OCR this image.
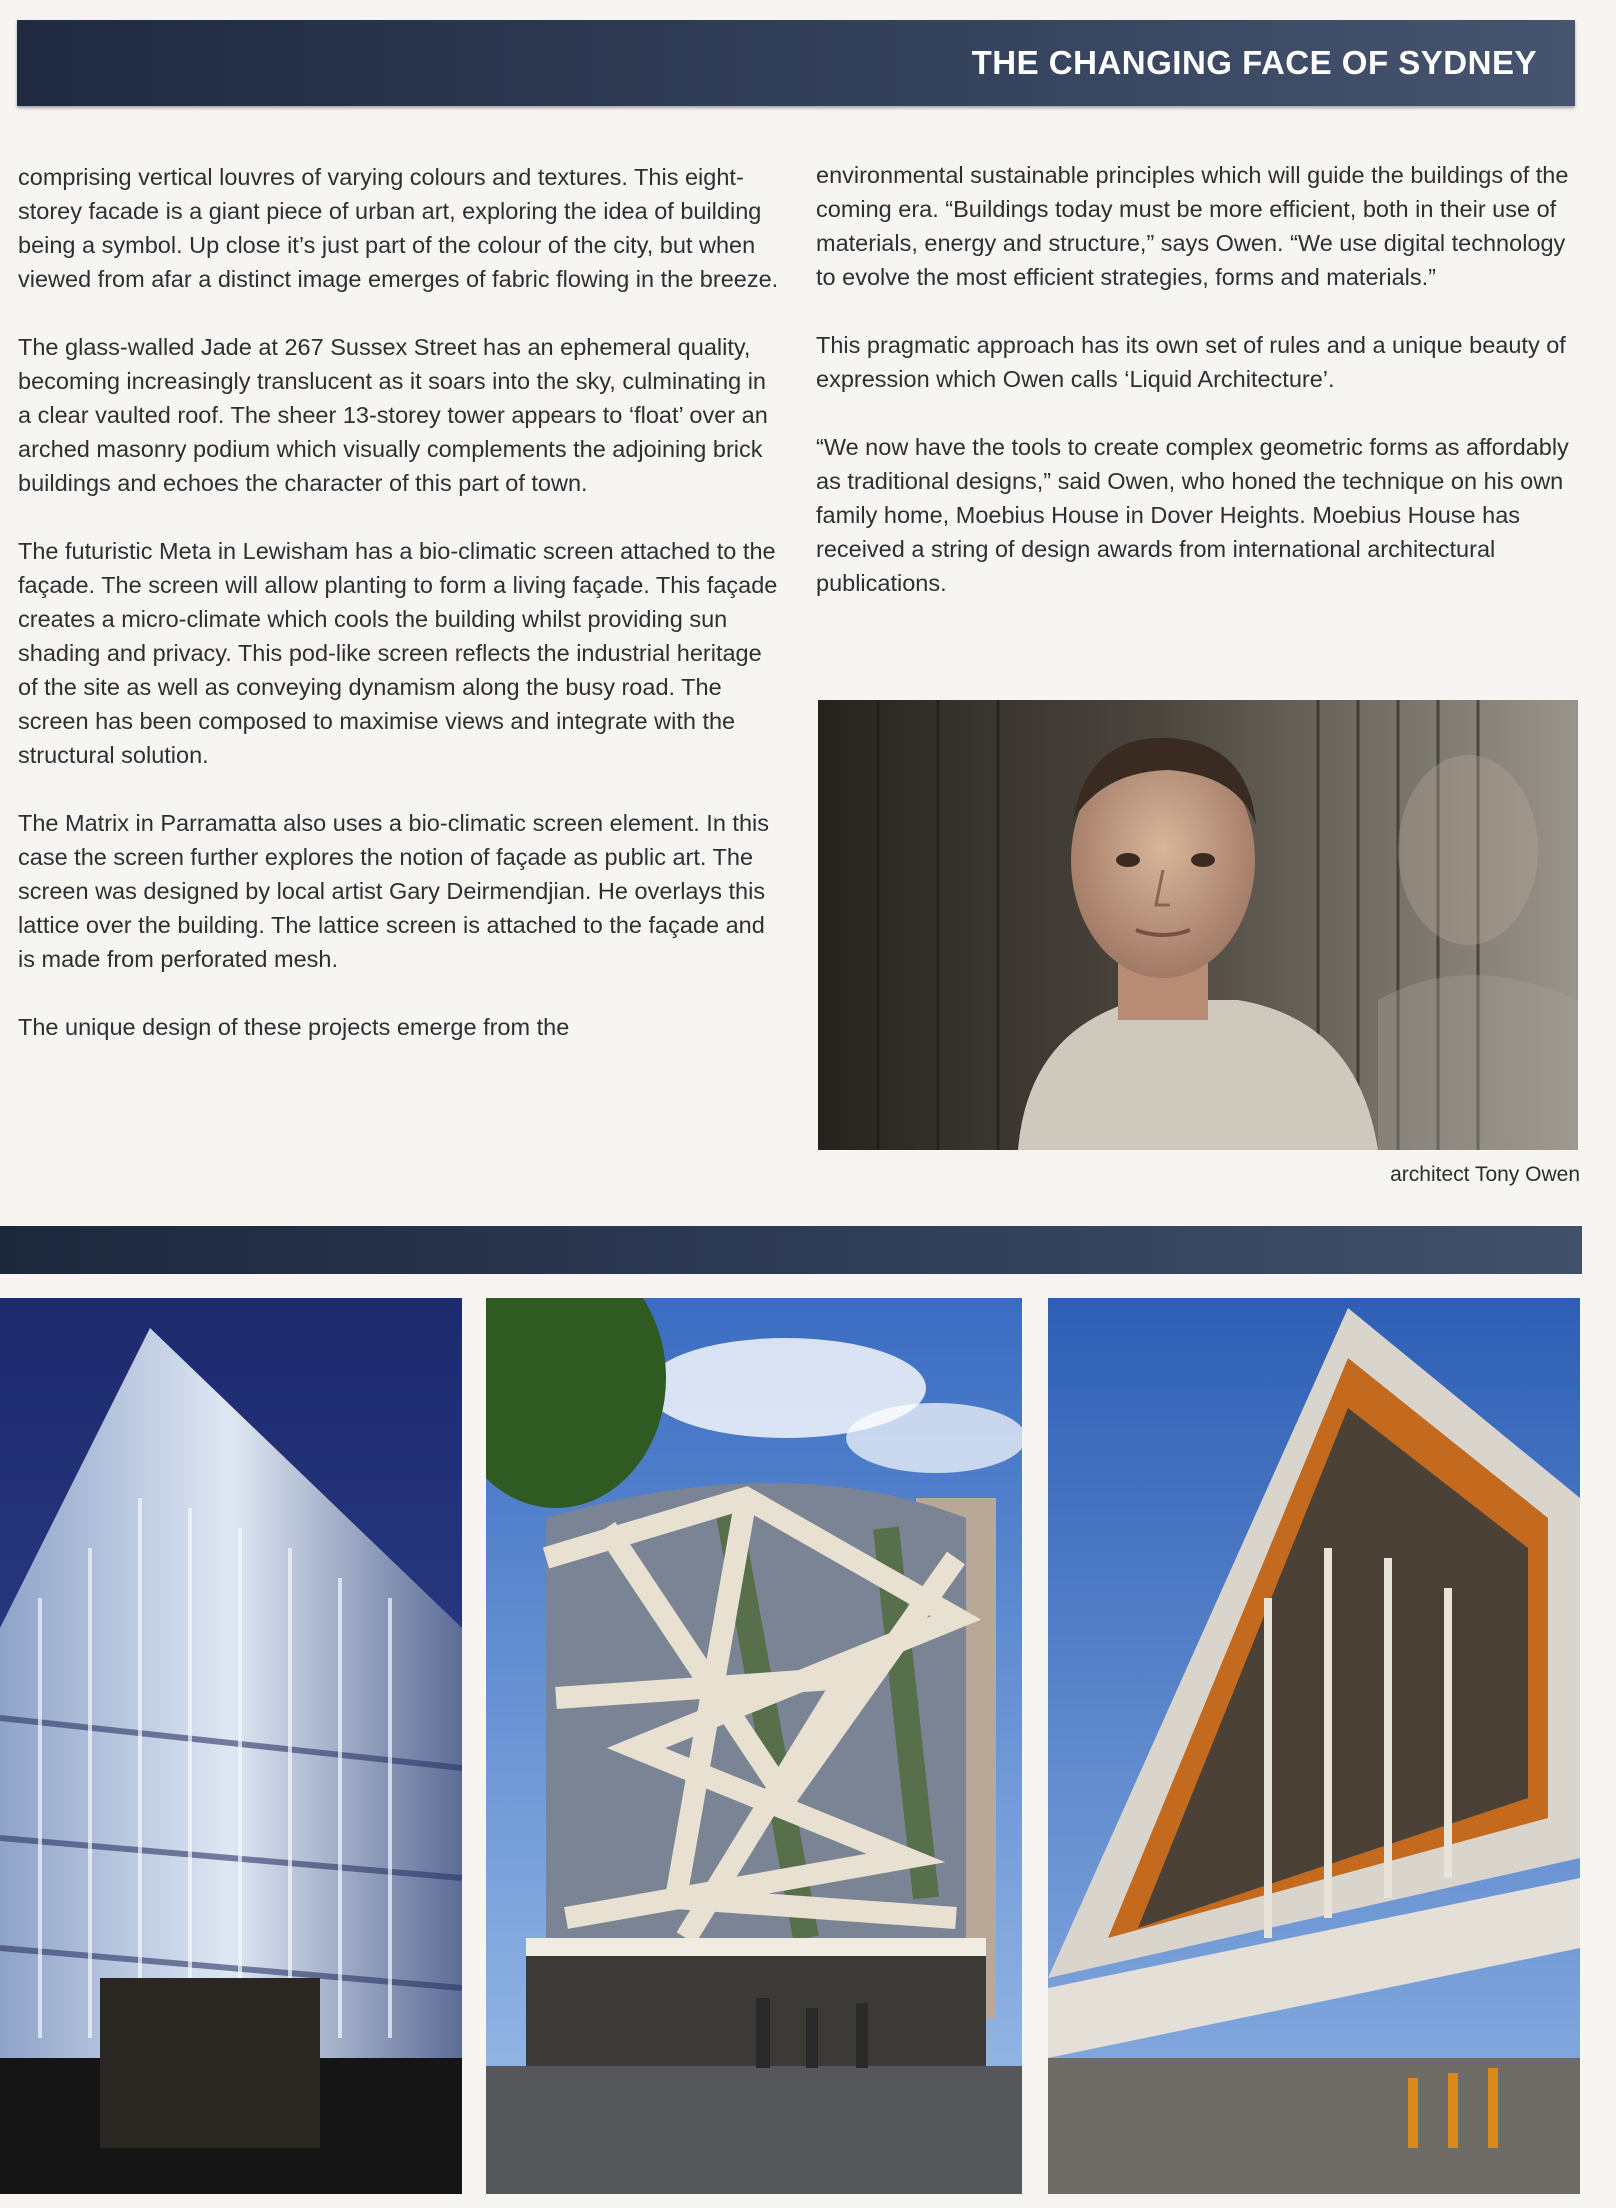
THE CHANGING FACE OF SYDNEY

comprising vertical louvres of varying colours and textures. This eight-storey facade is a giant piece of urban art, exploring the idea of building being a symbol. Up close it’s just part of the colour of the city, but when viewed from afar a distinct image emerges of fabric flowing in the breeze.

The glass-walled Jade at 267 Sussex Street has an ephemeral quality, becoming increasingly translucent as it soars into the sky, culminating in a clear vaulted roof. The sheer 13-storey tower appears to ‘float’ over an arched masonry podium which visually complements the adjoining brick buildings and echoes the character of this part of town.

The futuristic Meta in Lewisham has a bio-climatic screen attached to the façade. The screen will allow planting to form a living façade. This façade creates a micro-climate which cools the building whilst providing sun shading and privacy. This pod-like screen reflects the industrial heritage of the site as well as conveying dynamism along the busy road. The screen has been composed to maximise views and integrate with the structural solution.

The Matrix in Parramatta also uses a bio-climatic screen element. In this case the screen further explores the notion of façade as public art. The screen was designed by local artist Gary Deirmendjian. He overlays this lattice over the building. The lattice screen is attached to the façade and is made from perforated mesh.

The unique design of these projects emerge from the

environmental sustainable principles which will guide the buildings of the coming era. “Buildings today must be more efficient, both in their use of materials, energy and structure,” says Owen. “We use digital technology to evolve the most efficient strategies, forms and materials.”

This pragmatic approach has its own set of rules and a unique beauty of expression which Owen calls ‘Liquid Architecture’.

“We now have the tools to create complex geometric forms as affordably as traditional designs,” said Owen, who honed the technique on his own family home, Moebius House in Dover Heights. Moebius House has received a string of design awards from international architectural publications.

architect Tony Owen
